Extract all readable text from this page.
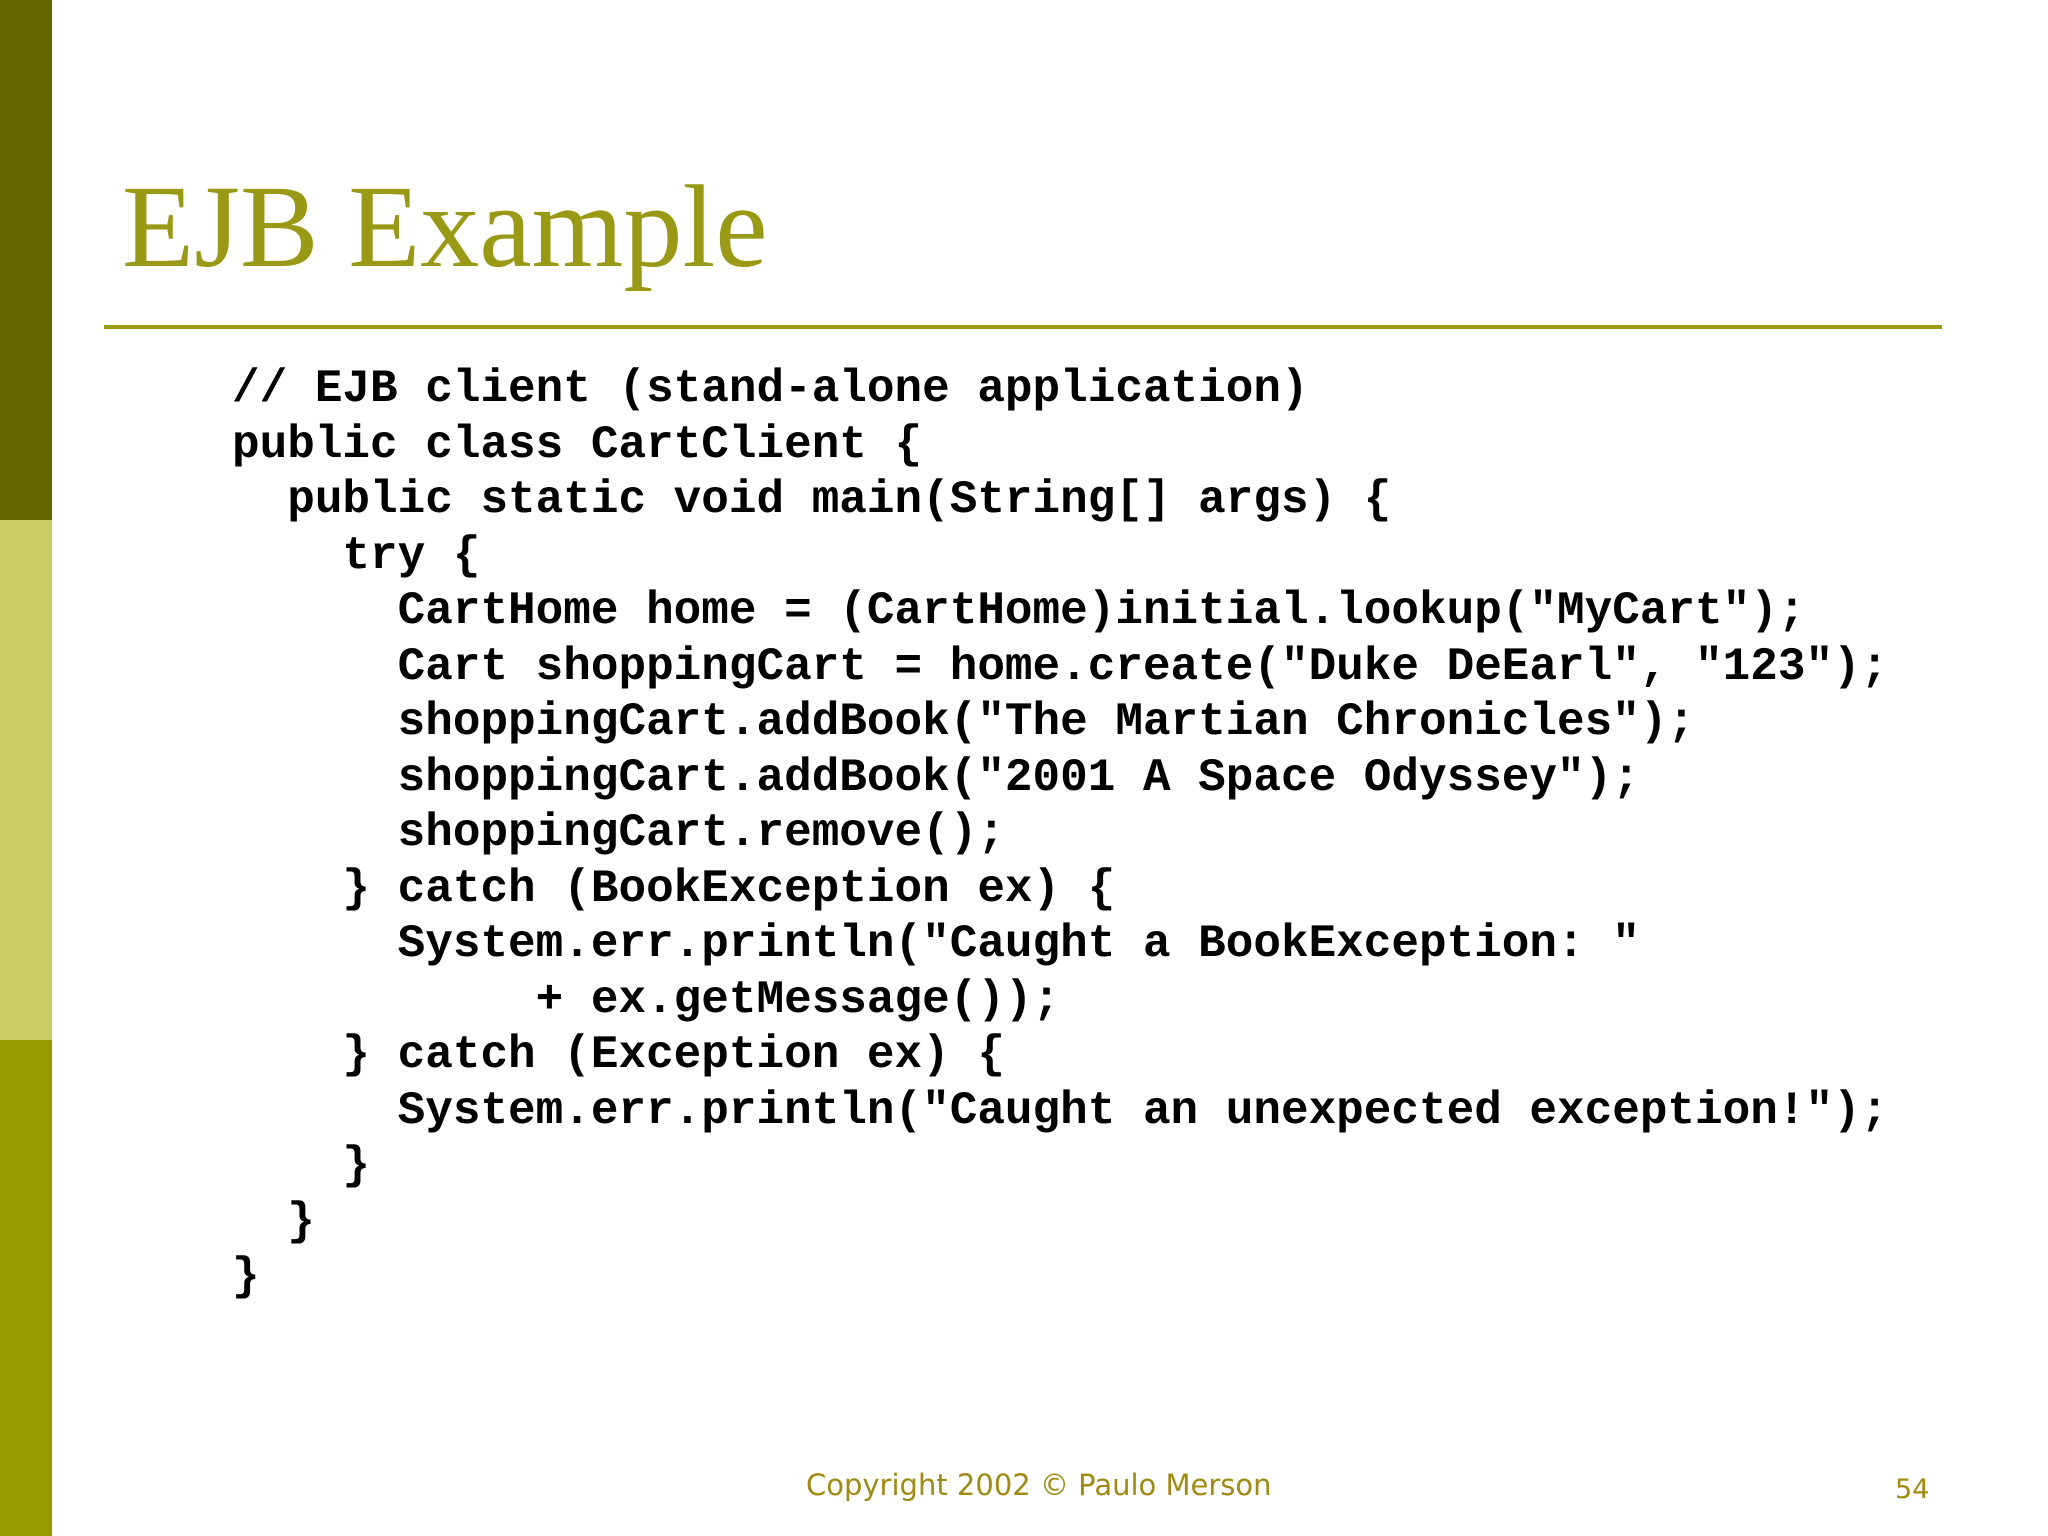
EJB Example
// EJB client (stand-alone application)
public class CartClient {
public static void main(String[] args) {
try {
CartHome home = (CartHome)initial.lookup("MyCart");
Cart shoppingCart = home.create("Duke DeEarl", "123");
shoppingCart.addBook("The Martian Chronicles");
shoppingCart.addBook("2001 A Space Odyssey");
shoppingCart.remove();
} catch (BookException ex) {
System.err.println("Caught a BookException: "
+ ex.getMessage());
} catch (Exception ex) {
System.err.println("Caught an unexpected exception!");
}
}
}
Copyright 2002 © Paulo Merson	54
